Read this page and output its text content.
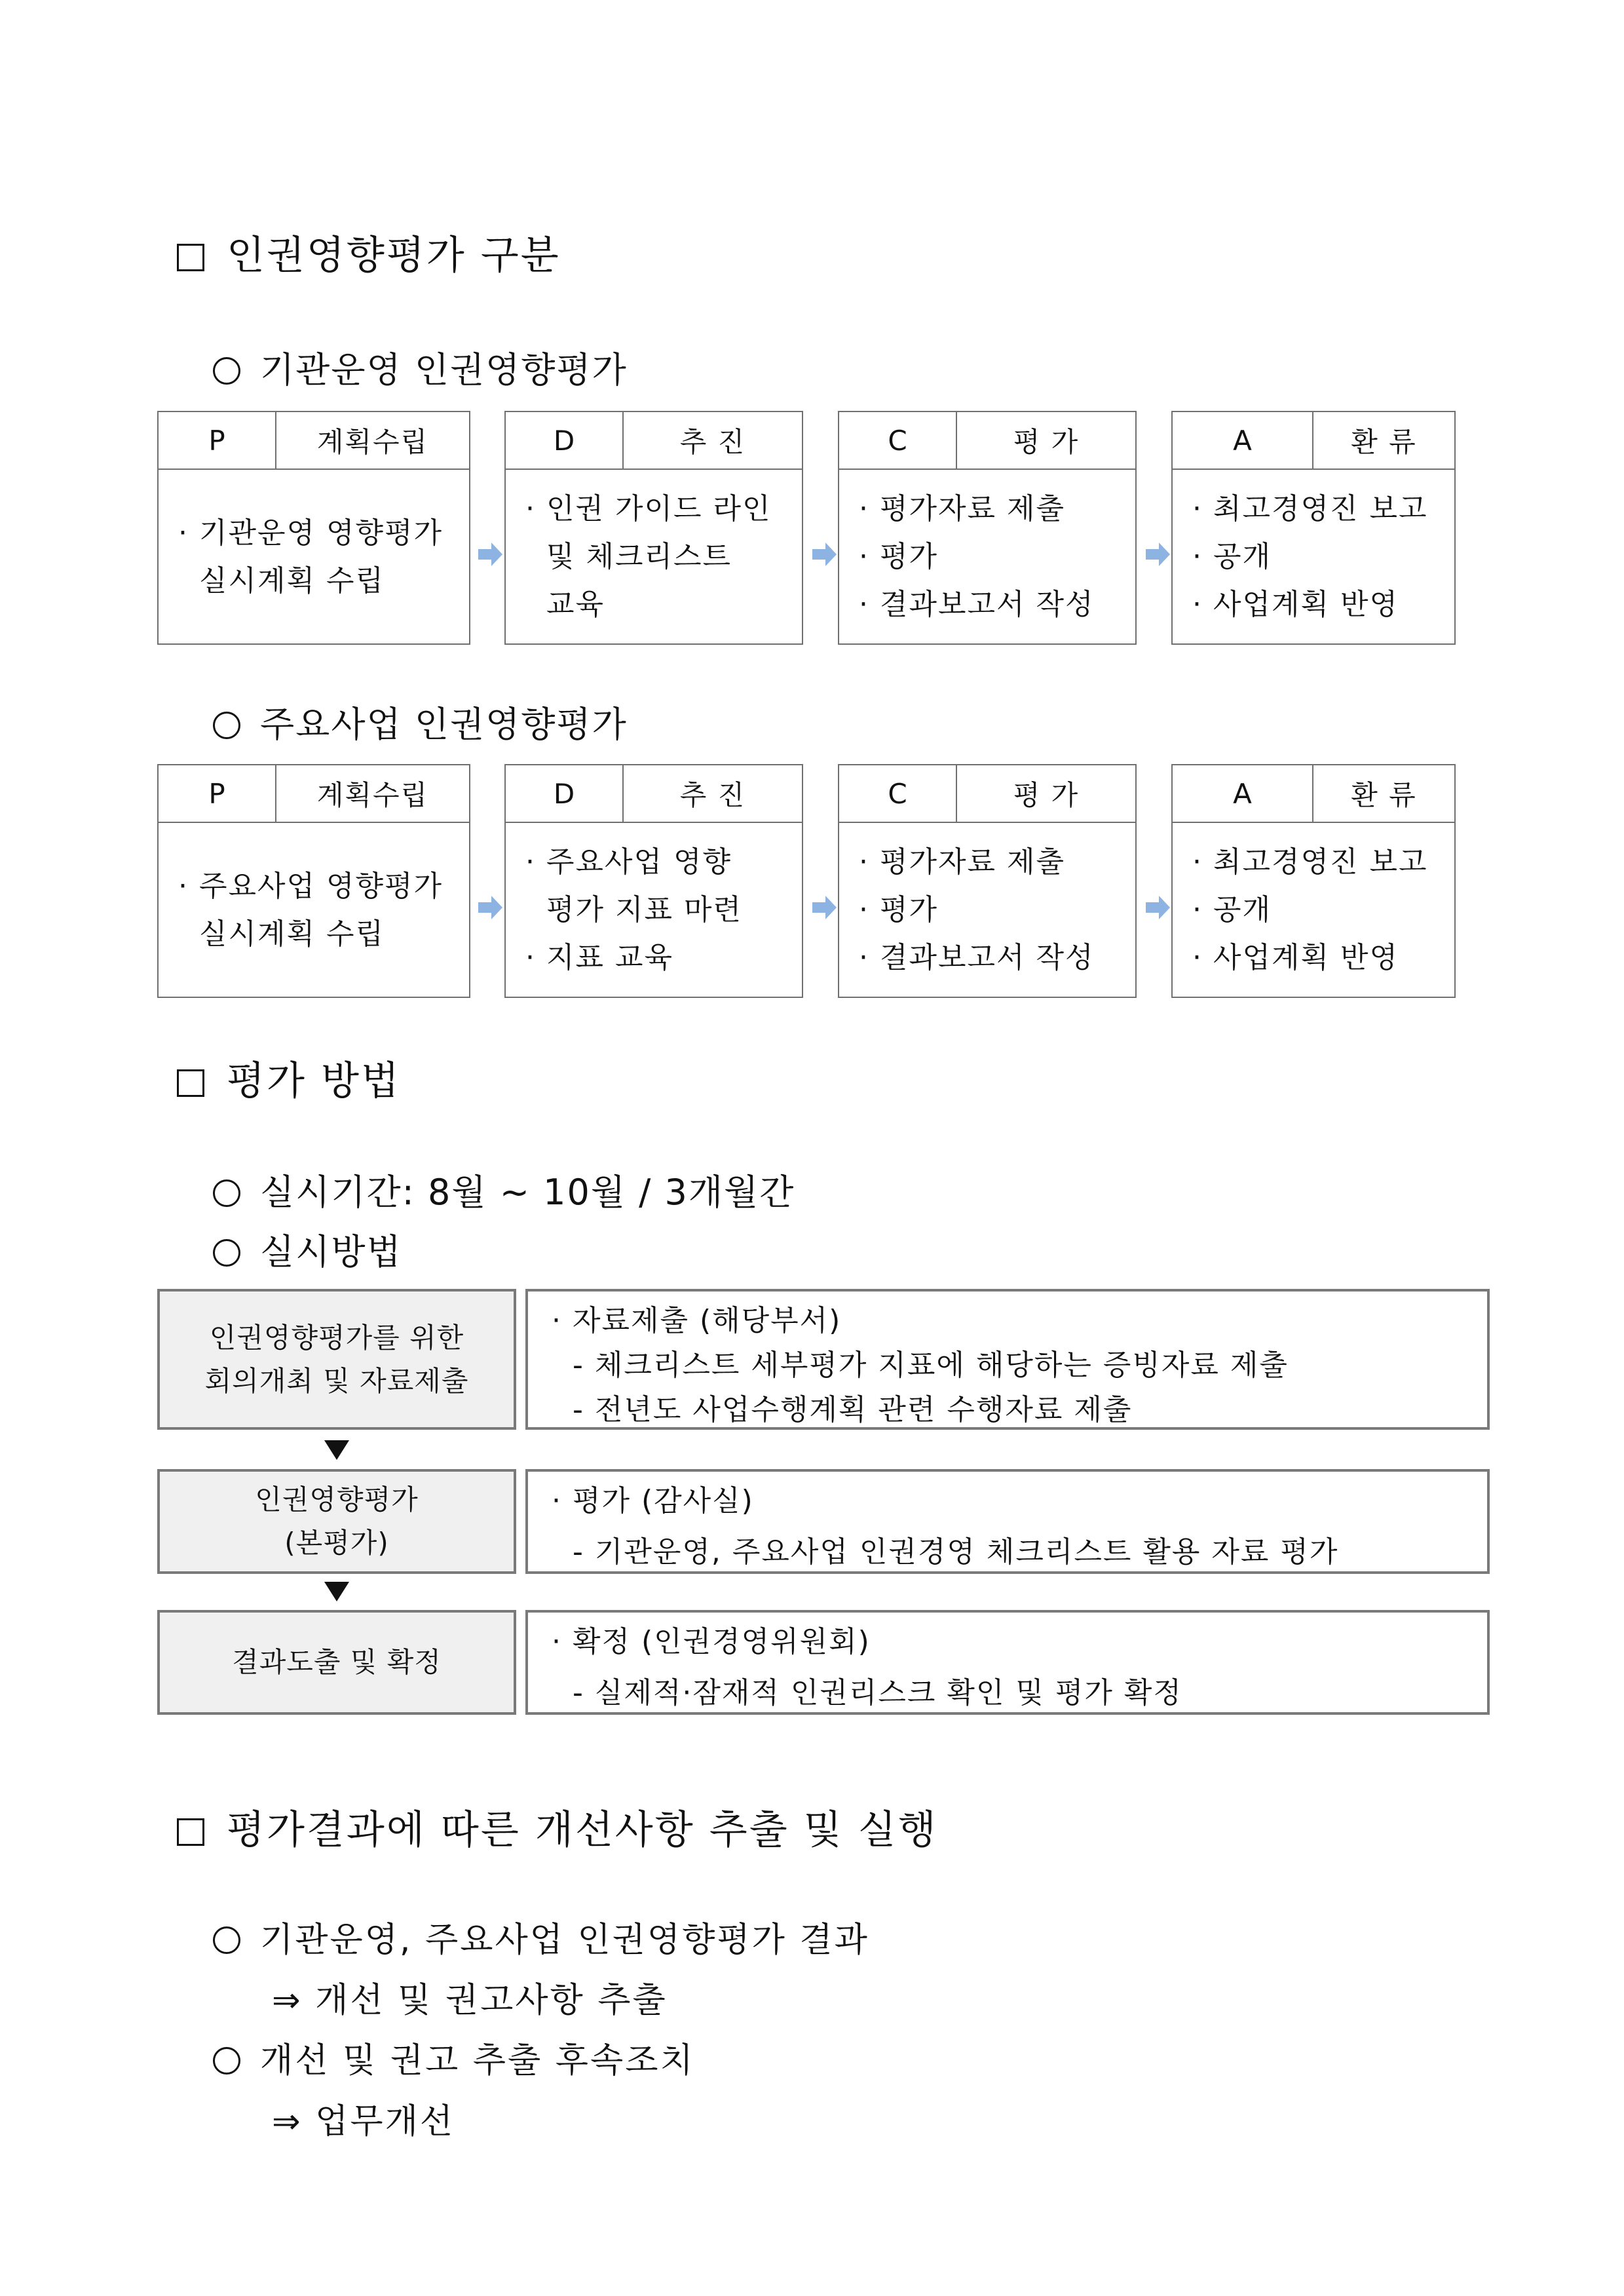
인권영향평가 구분
기관운영 인권영향평가
P	계획수립
· 기관운영 영향평가
실시계획 수립
D	추 진
· 인권 가이드 라인
및 체크리스트
교육
C	평 가
· 평가자료 제출
· 평가
· 결과보고서 작성
A	환 류
· 최고경영진 보고
· 공개
· 사업계획 반영
주요사업 인권영향평가
P	계획수립
· 주요사업 영향평가
실시계획 수립
D	추 진
· 주요사업 영향
평가 지표 마련
· 지표 교육
C	평 가
· 평가자료 제출
· 평가
· 결과보고서 작성
A	환 류
· 최고경영진 보고
· 공개
· 사업계획 반영
평가 방법
실시기간: 8월 ~ 10월 / 3개월간
실시방법
인권영향평가를 위한
회의개최 및 자료제출
· 자료제출 (해당부서)
- 체크리스트 세부평가 지표에 해당하는 증빙자료 제출
- 전년도 사업수행계획 관련 수행자료 제출
인권영향평가
(본평가)
· 평가 (감사실)
- 기관운영, 주요사업 인권경영 체크리스트 활용 자료 평가
결과도출 및 확정
· 확정 (인권경영위원회)
- 실제적·잠재적 인권리스크 확인 및 평가 확정
평가결과에 따른 개선사항 추출 및 실행
기관운영, 주요사업 인권영향평가 결과
⇒ 개선 및 권고사항 추출
개선 및 권고 추출 후속조치
⇒ 업무개선
